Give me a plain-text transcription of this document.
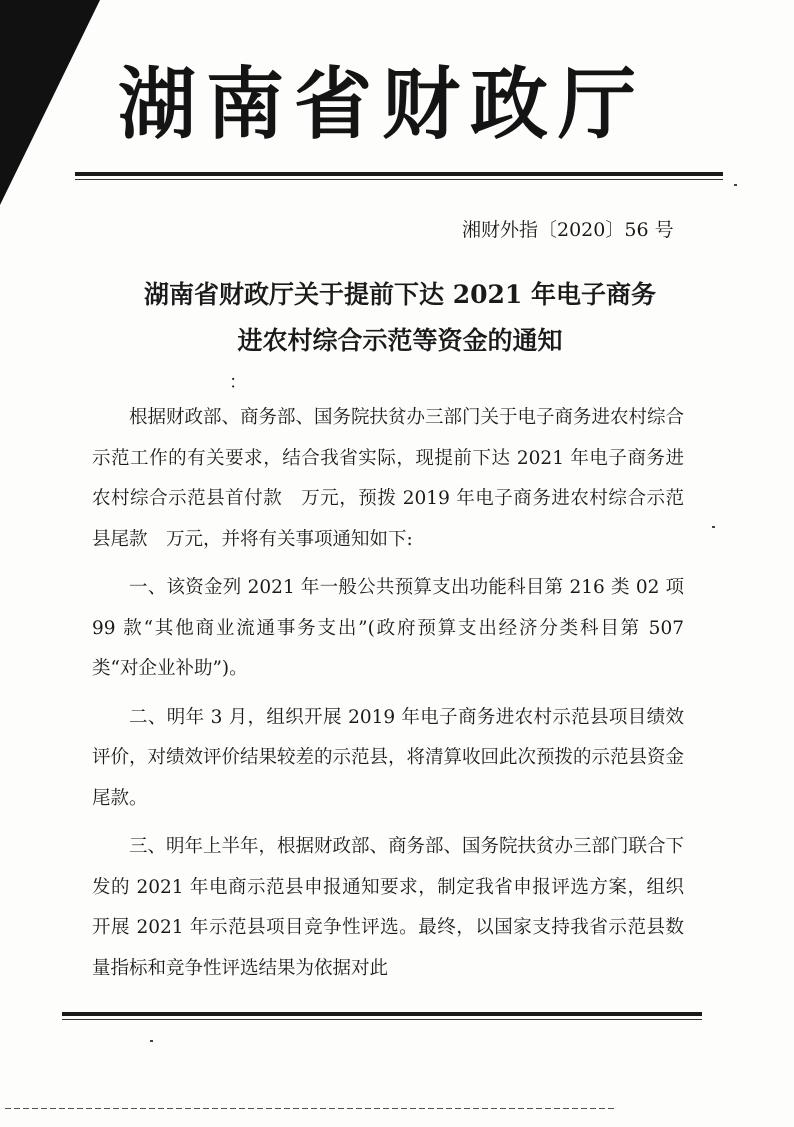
湖南省财政厅
湘财外指〔2020〕56 号
湖南省财政厅关于提前下达 2021 年电子商务
进农村综合示范等资金的通知
：

根据财政部、商务部、国务院扶贫办三部门关于电子商务进农村综合示范工作的有关要求，结合我省实际，现提前下达 2021 年电子商务进农村综合示范县首付款　万元，预拨 2019 年电子商务进农村综合示范县尾款　万元，并将有关事项通知如下:

一、该资金列 2021 年一般公共预算支出功能科目第 216 类 02 项 99 款“其他商业流通事务支出”(政府预算支出经济分类科目第 507 类“对企业补助”)。

二、明年 3 月，组织开展 2019 年电子商务进农村示范县项目绩效评价，对绩效评价结果较差的示范县，将清算收回此次预拨的示范县资金尾款。

三、明年上半年，根据财政部、商务部、国务院扶贫办三部门联合下发的 2021 年电商示范县申报通知要求，制定我省申报评选方案，组织开展 2021 年示范县项目竞争性评选。最终，以国家支持我省示范县数量指标和竞争性评选结果为依据对此
